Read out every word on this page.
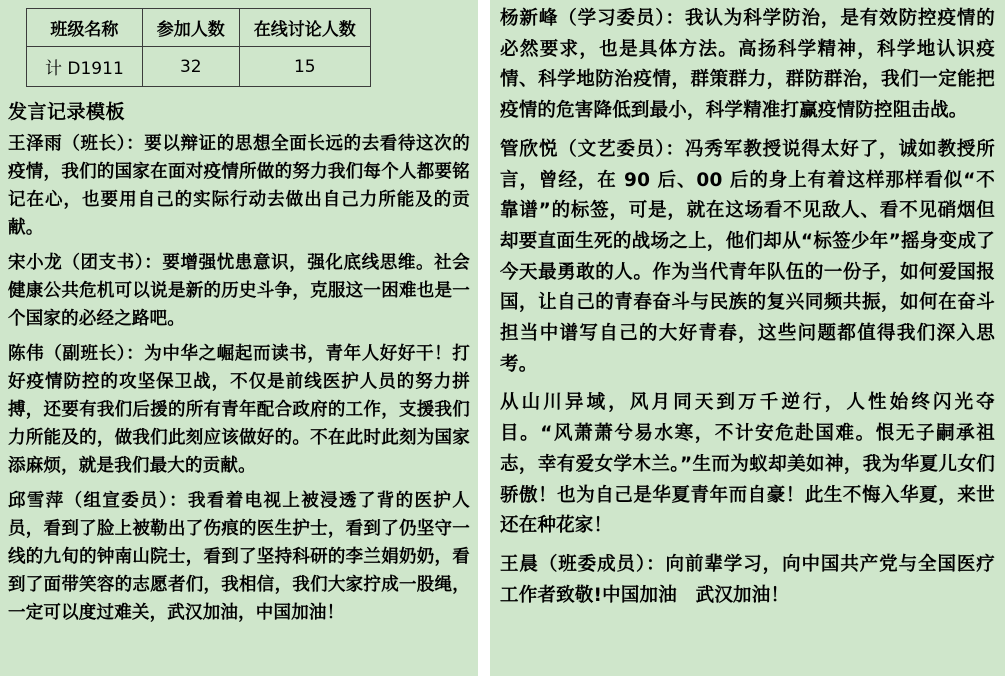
班级名称	参加人数	在线讨论人数
计 D1911	32	15
发言记录模板

王泽雨（班长）：要以辩证的思想全面长远的去看待这次的疫情，我们的国家在面对疫情所做的努力我们每个人都要铭记在心，也要用自己的实际行动去做出自己力所能及的贡献。

宋小龙（团支书）：要增强忧患意识，强化底线思维。社会健康公共危机可以说是新的历史斗争，克服这一困难也是一个国家的必经之路吧。

陈伟（副班长）：为中华之崛起而读书，青年人好好干！打好疫情防控的攻坚保卫战，不仅是前线医护人员的努力拼搏，还要有我们后援的所有青年配合政府的工作，支援我们力所能及的，做我们此刻应该做好的。不在此时此刻为国家添麻烦，就是我们最大的贡献。

邱雪萍（组宣委员）：我看着电视上被浸透了背的医护人员，看到了脸上被勒出了伤痕的医生护士，看到了仍坚守一线的九旬的钟南山院士，看到了坚持科研的李兰娟奶奶，看到了面带笑容的志愿者们，我相信，我们大家拧成一股绳，一定可以度过难关，武汉加油，中国加油！

杨新峰（学习委员）：我认为科学防治，是有效防控疫情的必然要求，也是具体方法。高扬科学精神，科学地认识疫情、科学地防治疫情，群策群力，群防群治，我们一定能把疫情的危害降低到最小，科学精准打赢疫情防控阻击战。

管欣悦（文艺委员）：冯秀军教授说得太好了，诚如教授所言，曾经，在 90 后、00 后的身上有着这样那样看似“不靠谱”的标签，可是，就在这场看不见敌人、看不见硝烟但却要直面生死的战场之上，他们却从“标签少年”摇身变成了今天最勇敢的人。作为当代青年队伍的一份子，如何爱国报国，让自己的青春奋斗与民族的复兴同频共振，如何在奋斗担当中谱写自己的大好青春，这些问题都值得我们深入思考。

从山川异域，风月同天到万千逆行，人性始终闪光夺目。“风萧萧兮易水寒，不计安危赴国难。恨无子嗣承祖志，幸有爱女学木兰。”生而为蚁却美如神，我为华夏儿女们骄傲！也为自己是华夏青年而自豪！此生不悔入华夏，来世还在种花家！

王晨（班委成员）：向前辈学习，向中国共产党与全国医疗工作者致敬!中国加油　武汉加油！
